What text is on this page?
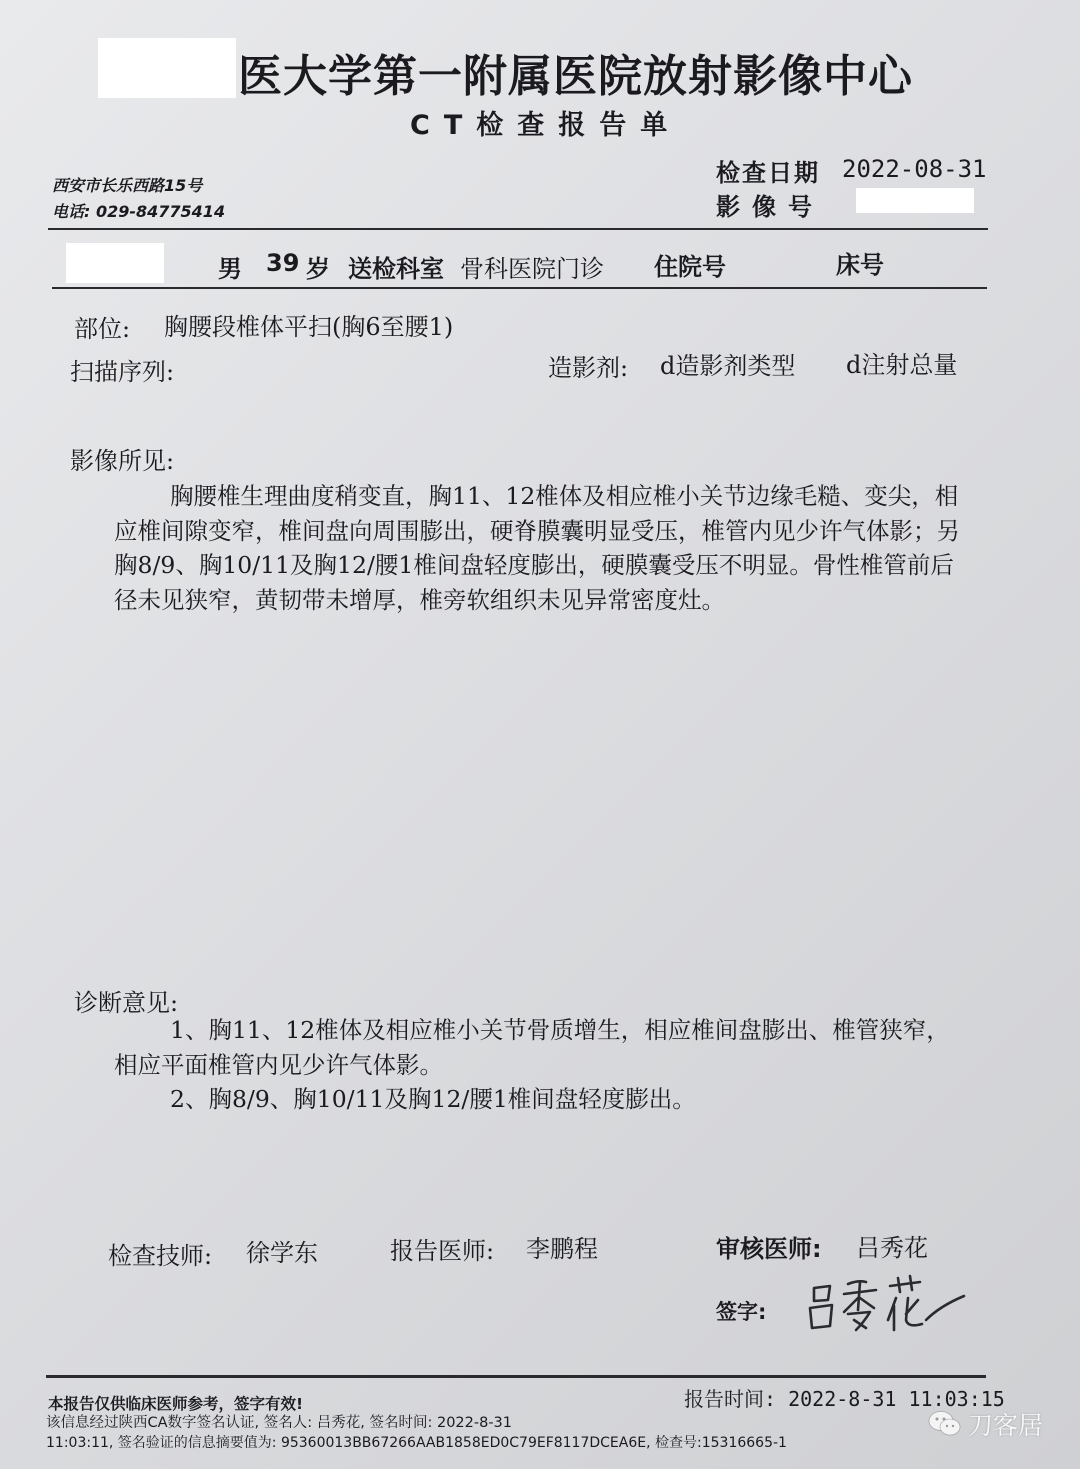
医大学第一附属医院放射影像中心
CT检查报告单
西安市长乐西路15号
电话: 029-84775414
检查日期 2022-08-31
影像号
男 39 岁 送检科室 骨科医院门诊 住院号	床号
部位: 胸腰段椎体平扫(胸6至腰1)
扫描序列:	造影剂: d造影剂类型 d注射总量
影像所见:
胸腰椎生理曲度稍变直，胸11、12椎体及相应椎小关节边缘毛糙、变尖，相应椎间隙变窄，椎间盘向周围膨出，硬脊膜囊明显受压，椎管内见少许气体影；另胸8/9、胸10/11及胸12/腰1椎间盘轻度膨出，硬膜囊受压不明显。骨性椎管前后径未见狭窄，黄韧带未增厚，椎旁软组织未见异常密度灶。
诊断意见:
1、胸11、12椎体及相应椎小关节骨质增生，相应椎间盘膨出、椎管狭窄，相应平面椎管内见少许气体影。
2、胸8/9、胸10/11及胸12/腰1椎间盘轻度膨出。
检查技师: 徐学东	报告医师: 李鹏程	审核医师: 吕秀花
签字:
本报告仅供临床医师参考，签字有效!	报告时间: 2022-8-31 11:03:15
该信息经过陕西CA数字签名认证, 签名人: 吕秀花, 签名时间: 2022-8-31
11:03:11, 签名验证的信息摘要值为: 95360013BB67266AAB1858ED0C79EF8117DCEA6E, 检查号:15316665-1
刀客居
